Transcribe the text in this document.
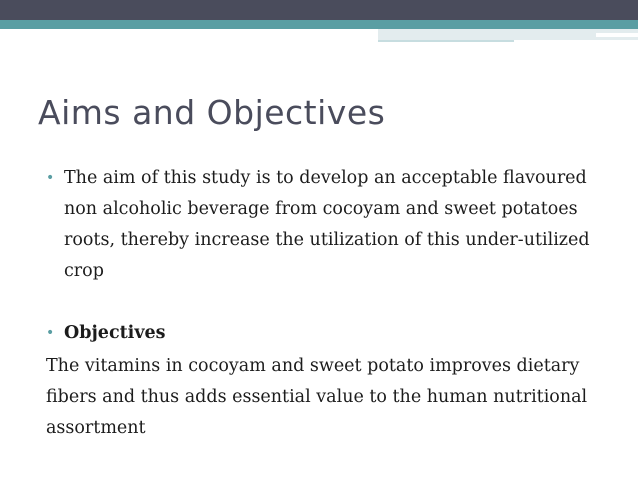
Aims and Objectives
• The aim of this study is to develop an acceptable flavoured non alcoholic beverage from cocoyam and sweet potatoes roots, thereby increase the utilization of this under-utilized crop
• Objectives
The vitamins in cocoyam and sweet potato improves dietary fibers and thus adds essential value to the human nutritional assortment
